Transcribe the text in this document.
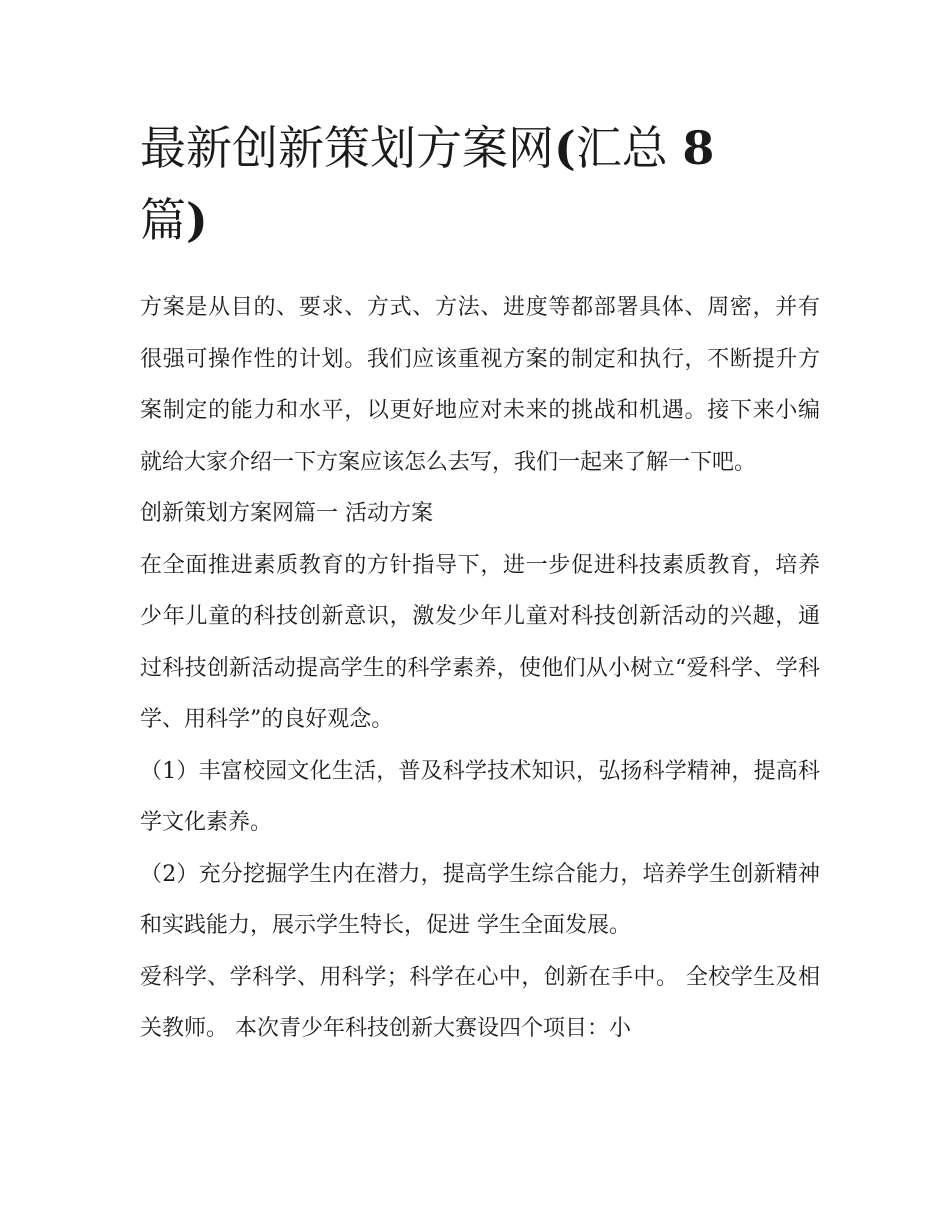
最新创新策划方案网(汇总 8
篇)

方案是从目的、要求、方式、方法、进度等都部署具体、周密，并有很强可操作性的计划。我们应该重视方案的制定和执行，不断提升方案制定的能力和水平，以更好地应对未来的挑战和机遇。接下来小编就给大家介绍一下方案应该怎么去写，我们一起来了解一下吧。

创新策划方案网篇一 活动方案

在全面推进素质教育的方针指导下，进一步促进科技素质教育，培养少年儿童的科技创新意识，激发少年儿童对科技创新活动的兴趣，通过科技创新活动提高学生的科学素养，使他们从小树立“爱科学、学科学、用科学”的良好观念。

（1）丰富校园文化生活，普及科学技术知识，弘扬科学精神，提高科学文化素养。

（2）充分挖掘学生内在潜力，提高学生综合能力，培养学生创新精神和实践能力，展示学生特长，促进 学生全面发展。

爱科学、学科学、用科学；科学在心中，创新在手中。 全校学生及相关教师。 本次青少年科技创新大赛设四个项目：小
